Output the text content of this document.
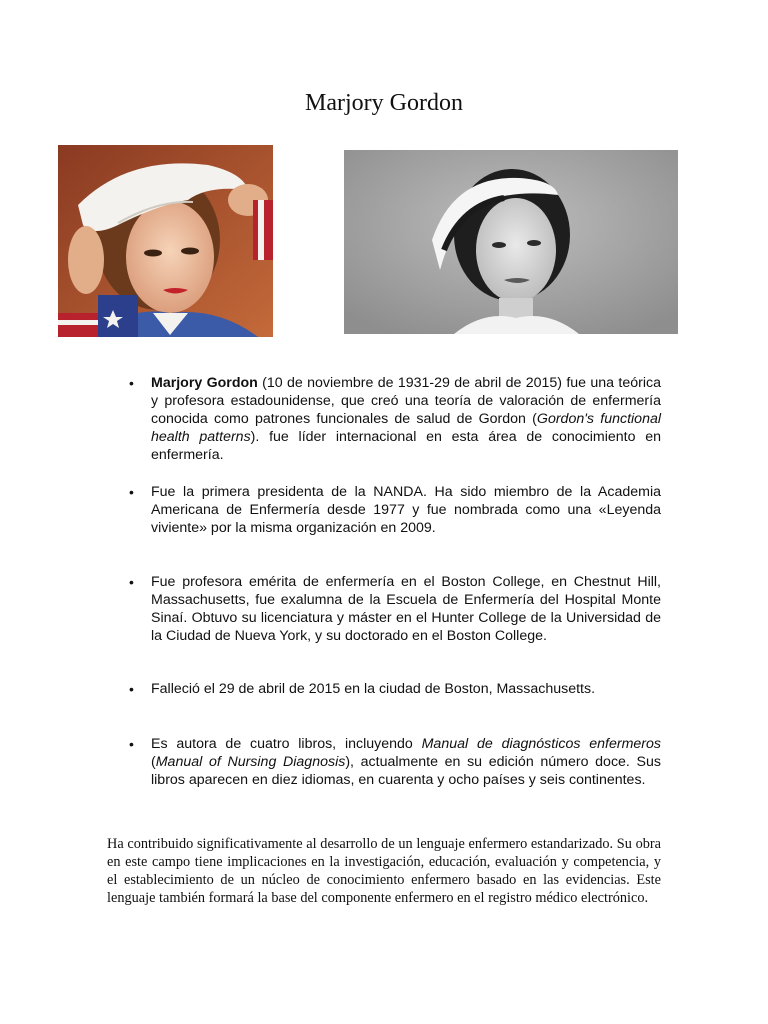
Marjory Gordon
• Marjory Gordon (10 de noviembre de 1931-29 de abril de 2015) fue una teórica y profesora estadounidense, que creó una teoría de valoración de enfermería conocida como patrones funcionales de salud de Gordon (Gordon's functional health patterns). fue líder internacional en esta área de conocimiento en enfermería.
• Fue la primera presidenta de la NANDA. Ha sido miembro de la Academia Americana de Enfermería desde 1977 y fue nombrada como una «Leyenda viviente» por la misma organización en 2009.
• Fue profesora emérita de enfermería en el Boston College, en Chestnut Hill, Massachusetts, fue exalumna de la Escuela de Enfermería del Hospital Monte Sinaí. Obtuvo su licenciatura y máster en el Hunter College de la Universidad de la Ciudad de Nueva York, y su doctorado en el Boston College.
• Falleció el 29 de abril de 2015 en la ciudad de Boston, Massachusetts.
• Es autora de cuatro libros, incluyendo Manual de diagnósticos enfermeros (Manual of Nursing Diagnosis), actualmente en su edición número doce. Sus libros aparecen en diez idiomas, en cuarenta y ocho países y seis continentes.
Ha contribuido significativamente al desarrollo de un lenguaje enfermero estandarizado. Su obra en este campo tiene implicaciones en la investigación, educación, evaluación y competencia, y el establecimiento de un núcleo de conocimiento enfermero basado en las evidencias. Este lenguaje también formará la base del componente enfermero en el registro médico electrónico.
